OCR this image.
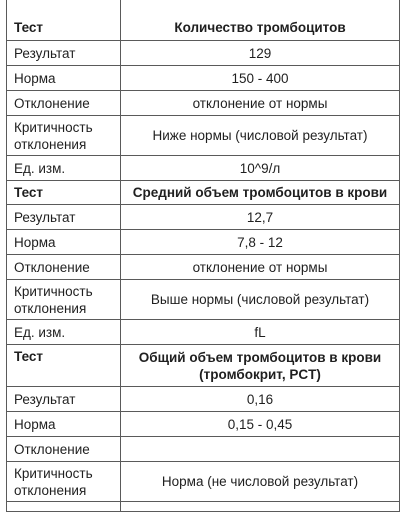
Тест	Количество тромбоцитов
Результат	129
Норма	150 - 400
Отклонение	отклонение от нормы
Критичность отклонения	Ниже нормы (числовой результат)
Ед. изм.	10^9/л
Тест	Средний объем тромбоцитов в крови
Результат	12,7
Норма	7,8 - 12
Отклонение	отклонение от нормы
Критичность отклонения	Выше нормы (числовой результат)
Ед. изм.	fL
Тест	Общий объем тромбоцитов в крови (тромбокрит, PCT)
Результат	0,16
Норма	0,15 - 0,45
Отклонение	
Критичность отклонения	Норма (не числовой результат)
